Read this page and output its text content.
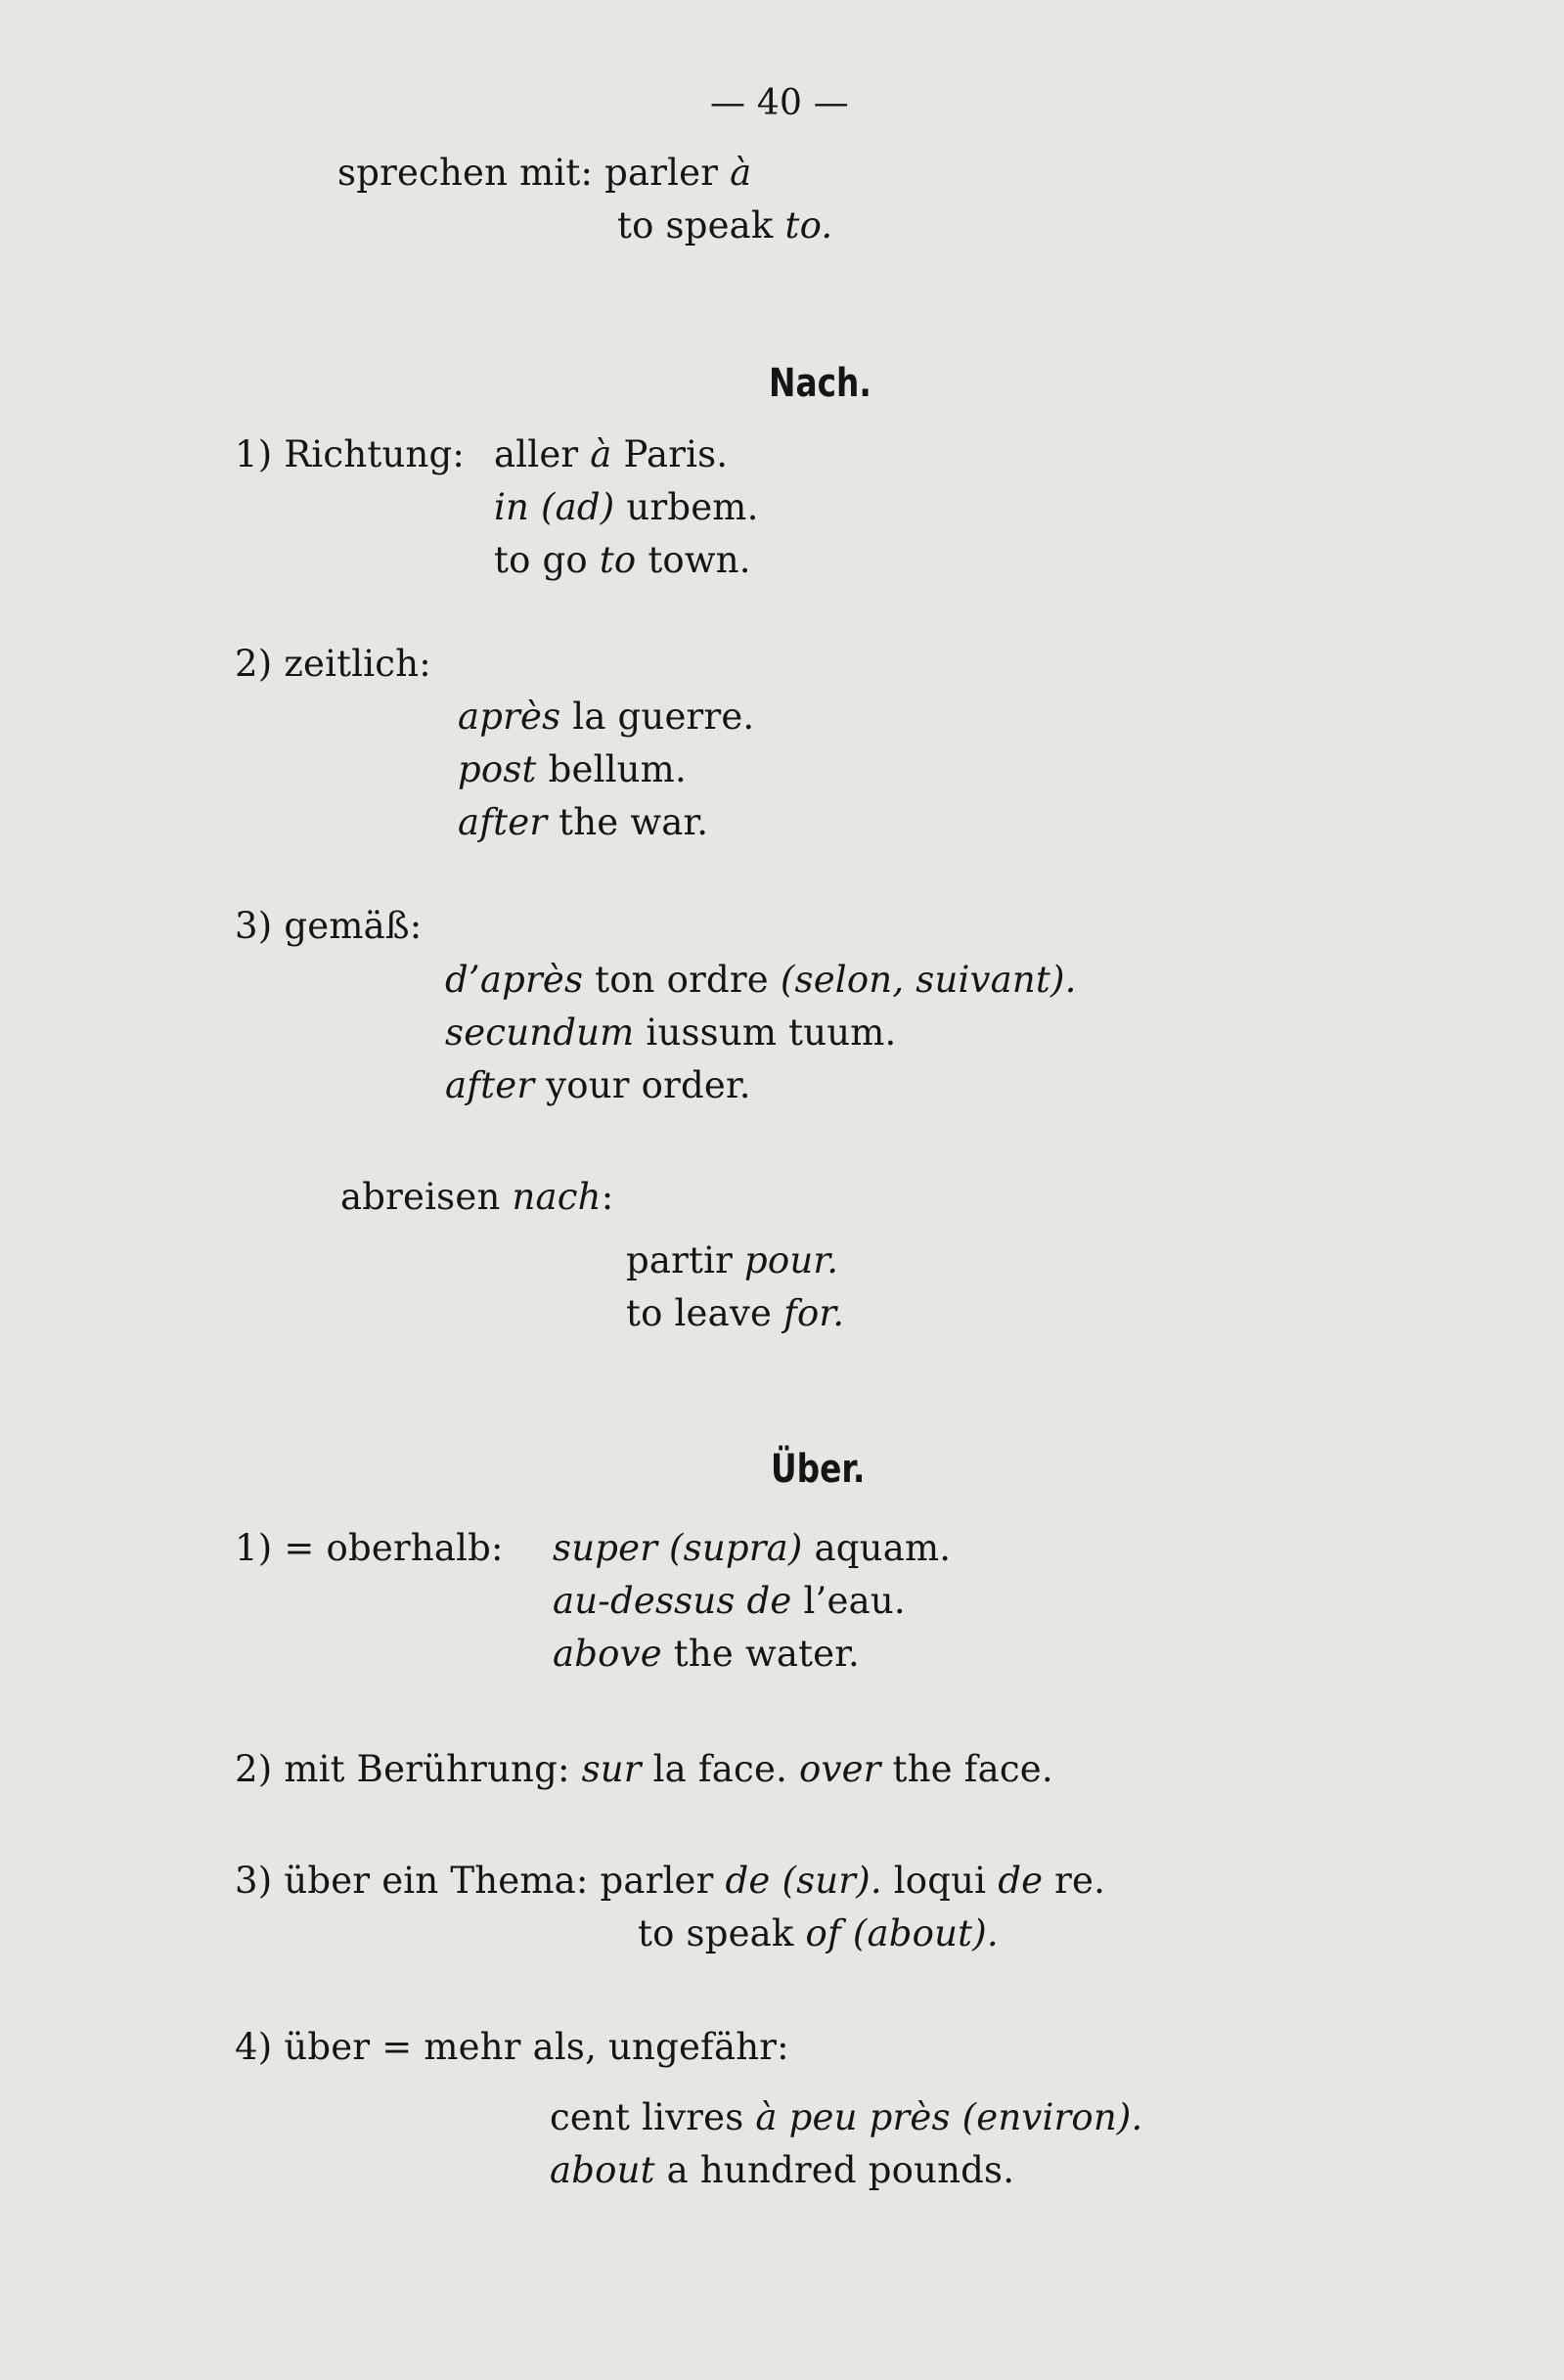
— 40 —
sprechen mit: parler à
to speak to.
Nach.
1) Richtung: aller à Paris.
in (ad) urbem.
to go to town.
2) zeitlich:
après la guerre.
post bellum.
after the war.
3) gemäß:
d’après ton ordre (selon, suivant).
secundum iussum tuum.
after your order.
abreisen nach:
partir pour.
to leave for.
Über.
1) = oberhalb: super (supra) aquam.
au-dessus de l’eau.
above the water.
2) mit Berührung: sur la face. over the face.
3) über ein Thema: parler de (sur). loqui de re.
to speak of (about).
4) über = mehr als, ungefähr:
cent livres à peu près (environ).
about a hundred pounds.
